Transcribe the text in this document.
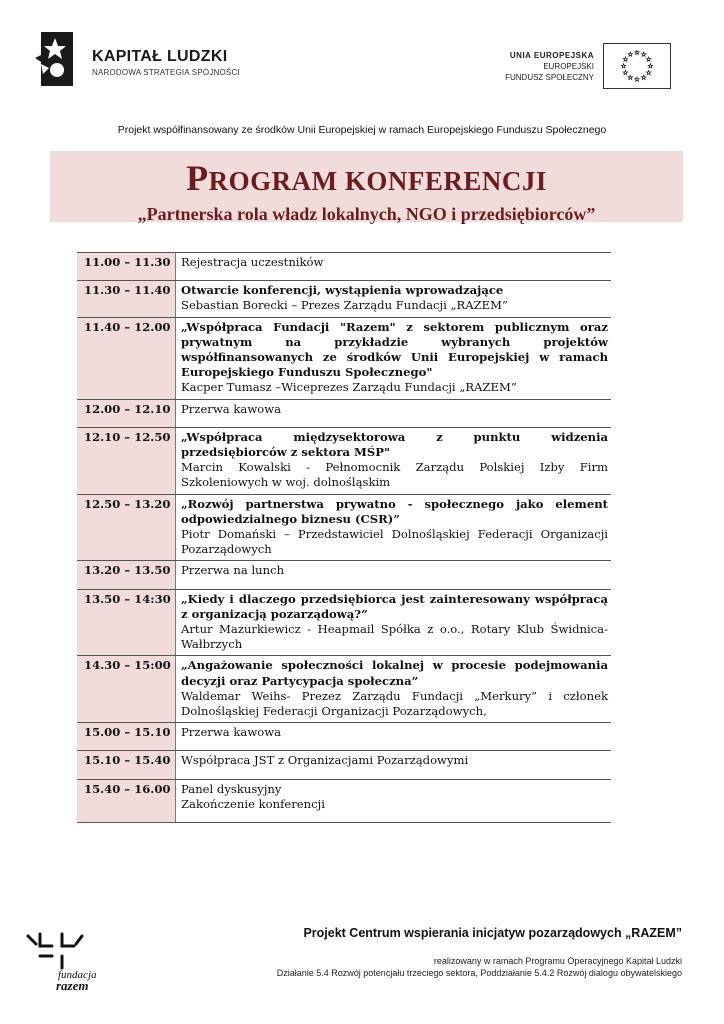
KAPITAŁ LUDZKI
NARODOWA STRATEGIA SPÓJNOŚCI
UNIA EUROPEJSKA
EUROPEJSKI
FUNDUSZ SPOŁECZNY
Projekt współfinansowany ze środków Unii Europejskiej w ramach Europejskiego Funduszu Społecznego
PROGRAM KONFERENCJI
„Partnerska rola władz lokalnych, NGO i przedsiębiorców”
11.00 – 11.30	Rejestracja uczestników

11.30 – 11.40	Otwarcie konferencji, wystąpienia wprowadzające
Sebastian Borecki – Prezes Zarządu Fundacji „RAZEM”

11.40 – 12.00	„Współpraca Fundacji "Razem" z sektorem publicznym oraz prywatnym na przykładzie wybranych projektów współfinansowanych ze środków Unii Europejskiej w ramach Europejskiego Funduszu Społecznego"
Kacper Tumasz –Wiceprezes Zarządu Fundacji „RAZEM”

12.00 – 12.10	Przerwa kawowa

12.10 – 12.50	„Współpraca międzysektorowa z punktu widzenia przedsiębiorców z sektora MŚP"
Marcin Kowalski - Pełnomocnik Zarządu Polskiej Izby Firm Szkoleniowych w woj. dolnośląskim

12.50 – 13.20	„Rozwój partnerstwa prywatno - społecznego jako element odpowiedzialnego biznesu (CSR)”
Piotr Domański – Przedstawiciel Dolnośląskiej Federacji Organizacji Pozarządowych

13.20 – 13.50	Przerwa na lunch

13.50 – 14:30	„Kiedy i dlaczego przedsiębiorca jest zainteresowany współpracą z organizacją pozarządową?”
Artur Mazurkiewicz - Heapmail Spółka z o.o., Rotary Klub Świdnica-Wałbrzych

14.30 – 15:00	„Angażowanie społeczności lokalnej w procesie podejmowania decyzji oraz Partycypacja społeczna”
Waldemar Weihs- Prezez Zarządu Fundacji „Merkury” i członek Dolnośląskiej Federacji Organizacji Pozarządowych,

15.00 – 15.10	Przerwa kawowa

15.10 – 15.40	Współpraca JST z Organizacjami Pozarządowymi

15.40 – 16.00	Panel dyskusyjny
Zakończenie konferencji
fundacja
razem
Projekt Centrum wspierania inicjatyw pozarządowych „RAZEM”
realizowany w ramach Programu Operacyjnego Kapitał Ludzki
Działanie 5.4 Rozwój potencjału trzeciego sektora, Poddziałanie 5.4.2 Rozwój dialogu obywatelskiego
